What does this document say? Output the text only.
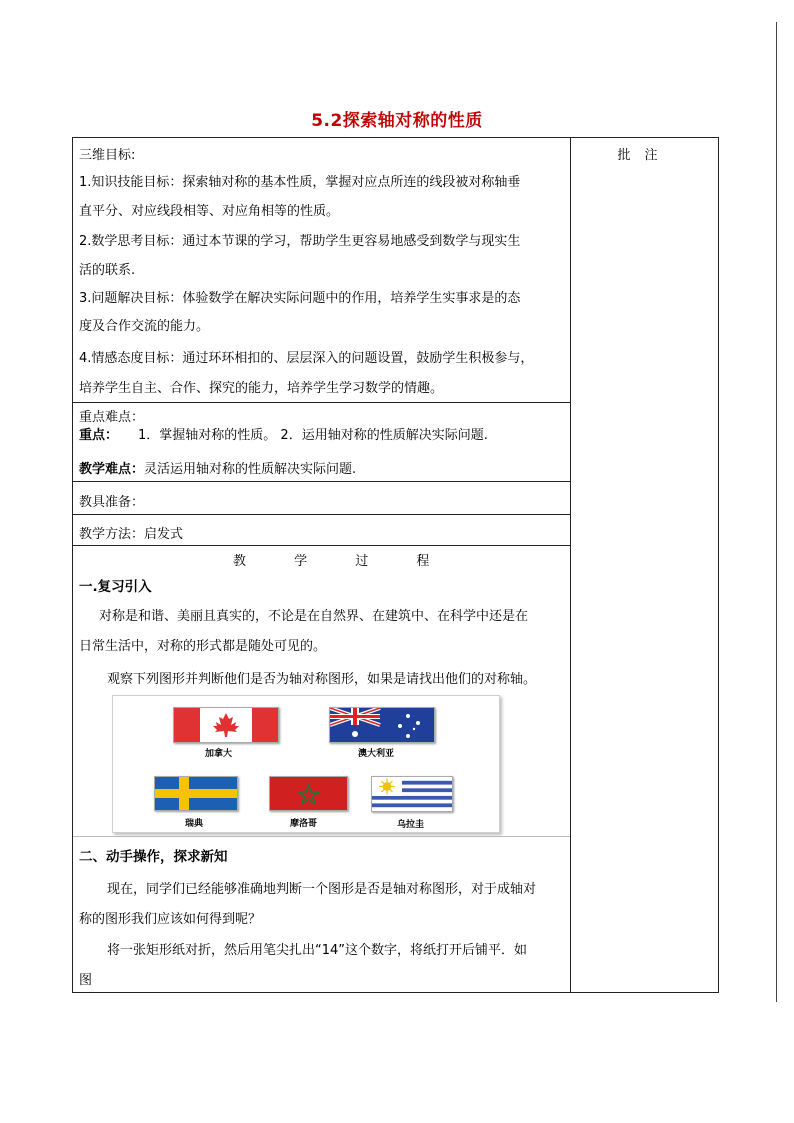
5.2探索轴对称的性质
批注
三维目标:
1.知识技能目标：探索轴对称的基本性质，掌握对应点所连的线段被对称轴垂
直平分、对应线段相等、对应角相等的性质。
2.数学思考目标：通过本节课的学习，帮助学生更容易地感受到数学与现实生
活的联系.
3.问题解决目标：体验数学在解决实际问题中的作用，培养学生实事求是的态
度及合作交流的能力。
4.情感态度目标：通过环环相扣的、层层深入的问题设置，鼓励学生积极参与，
培养学生自主、合作、探究的能力，培养学生学习数学的情趣。
重点难点：
重点： 1．掌握轴对称的性质。 2．运用轴对称的性质解决实际问题.
教学难点：灵活运用轴对称的性质解决实际问题.
教具准备：
教学方法：启发式
教 学 过 程
一.复习引入
对称是和谐、美丽且真实的，不论是在自然界、在建筑中、在科学中还是在
日常生活中，对称的形式都是随处可见的。
观察下列图形并判断他们是否为轴对称图形，如果是请找出他们的对称轴。
加拿大	澳大利亚
瑞典	摩洛哥	乌拉圭
二、动手操作，探求新知
现在，同学们已经能够准确地判断一个图形是否是轴对称图形，对于成轴对
称的图形我们应该如何得到呢？
将一张矩形纸对折，然后用笔尖扎出“14”这个数字，将纸打开后铺平．如
图
